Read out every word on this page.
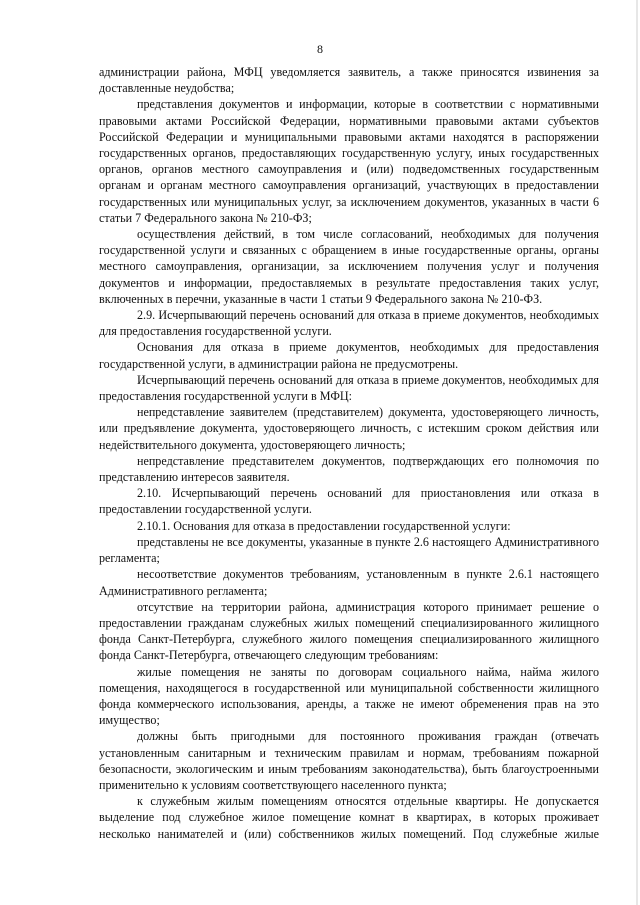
8

администрации района, МФЦ уведомляется заявитель, а также приносятся извинения за доставленные неудобства;

представления документов и информации, которые в соответствии с нормативными правовыми актами Российской Федерации, нормативными правовыми актами субъектов Российской Федерации и муниципальными правовыми актами находятся в распоряжении государственных органов, предоставляющих государственную услугу, иных государственных органов, органов местного самоуправления и (или) подведомственных государственным органам и органам местного самоуправления организаций, участвующих в предоставлении государственных или муниципальных услуг, за исключением документов, указанных в части 6 статьи 7 Федерального закона № 210-ФЗ;

осуществления действий, в том числе согласований, необходимых для получения государственной услуги и связанных с обращением в иные государственные органы, органы местного самоуправления, организации, за исключением получения услуг и получения документов и информации, предоставляемых в результате предоставления таких услуг, включенных в перечни, указанные в части 1 статьи 9 Федерального закона № 210-ФЗ.

2.9. Исчерпывающий перечень оснований для отказа в приеме документов, необходимых для предоставления государственной услуги.

Основания для отказа в приеме документов, необходимых для предоставления государственной услуги, в администрации района не предусмотрены.

Исчерпывающий перечень оснований для отказа в приеме документов, необходимых для предоставления государственной услуги в МФЦ:

непредставление заявителем (представителем) документа, удостоверяющего личность, или предъявление документа, удостоверяющего личность, с истекшим сроком действия или недействительного документа, удостоверяющего личность;

непредставление представителем документов, подтверждающих его полномочия по представлению интересов заявителя.

2.10. Исчерпывающий перечень оснований для приостановления или отказа в предоставлении государственной услуги.

2.10.1. Основания для отказа в предоставлении государственной услуги:

представлены не все документы, указанные в пункте 2.6 настоящего Административного регламента;

несоответствие документов требованиям, установленным в пункте 2.6.1 настоящего Административного регламента;

отсутствие на территории района, администрация которого принимает решение о предоставлении гражданам служебных жилых помещений специализированного жилищного фонда Санкт-Петербурга, служебного жилого помещения специализированного жилищного фонда Санкт-Петербурга, отвечающего следующим требованиям:

жилые помещения не заняты по договорам социального найма, найма жилого помещения, находящегося в государственной или муниципальной собственности жилищного фонда коммерческого использования, аренды, а также не имеют обременения прав на это имущество;

должны быть пригодными для постоянного проживания граждан (отвечать установленным санитарным и техническим правилам и нормам, требованиям пожарной безопасности, экологическим и иным требованиям законодательства), быть благоустроенными применительно к условиям соответствующего населенного пункта;

к служебным жилым помещениям относятся отдельные квартиры. Не допускается выделение под служебное жилое помещение комнат в квартирах, в которых проживает несколько нанимателей и (или) собственников жилых помещений. Под служебные жилые
